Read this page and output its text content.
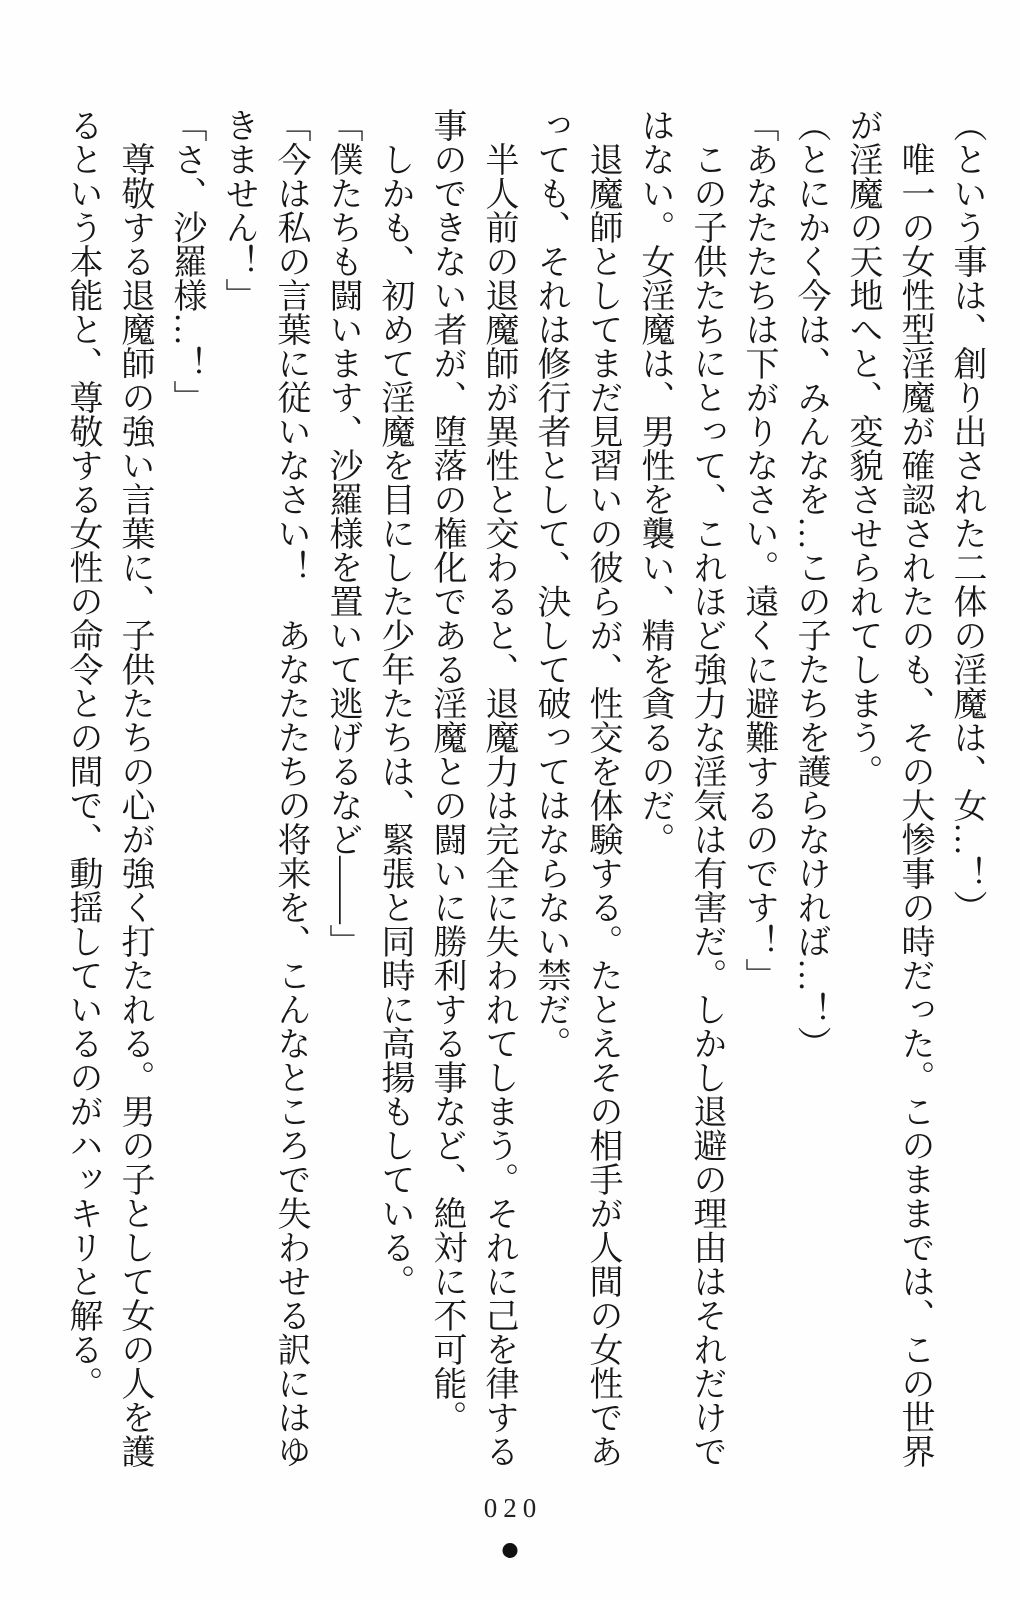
（という事は、創り出された二体の淫魔は、女…！）

唯一の女性型淫魔が確認されたのも、その大惨事の時だった。このままでは、この世界

が淫魔の天地へと、変貌させられてしまう。

（とにかく今は、みんなを…この子たちを護らなければ…！）

「あなたたちは下がりなさい。遠くに避難するのです！」

この子供たちにとって、これほど強力な淫気は有害だ。しかし退避の理由はそれだけで

はない。女淫魔は、男性を襲い、精を貪るのだ。

退魔師としてまだ見習いの彼らが、性交を体験する。たとえその相手が人間の女性であ

っても、それは修行者として、決して破ってはならない禁だ。

半人前の退魔師が異性と交わると、退魔力は完全に失われてしまう。それに己を律する

事のできない者が、堕落の権化である淫魔との闘いに勝利する事など、絶対に不可能。

しかも、初めて淫魔を目にした少年たちは、緊張と同時に高揚もしている。

「僕たちも闘います、沙羅様を置いて逃げるなど——」

「今は私の言葉に従いなさい！　あなたたちの将来を、こんなところで失わせる訳にはゆ

きません！」

「さ、沙羅様…！」

尊敬する退魔師の強い言葉に、子供たちの心が強く打たれる。男の子として女の人を護

るという本能と、尊敬する女性の命令との間で、動揺しているのがハッキリと解る。

020
